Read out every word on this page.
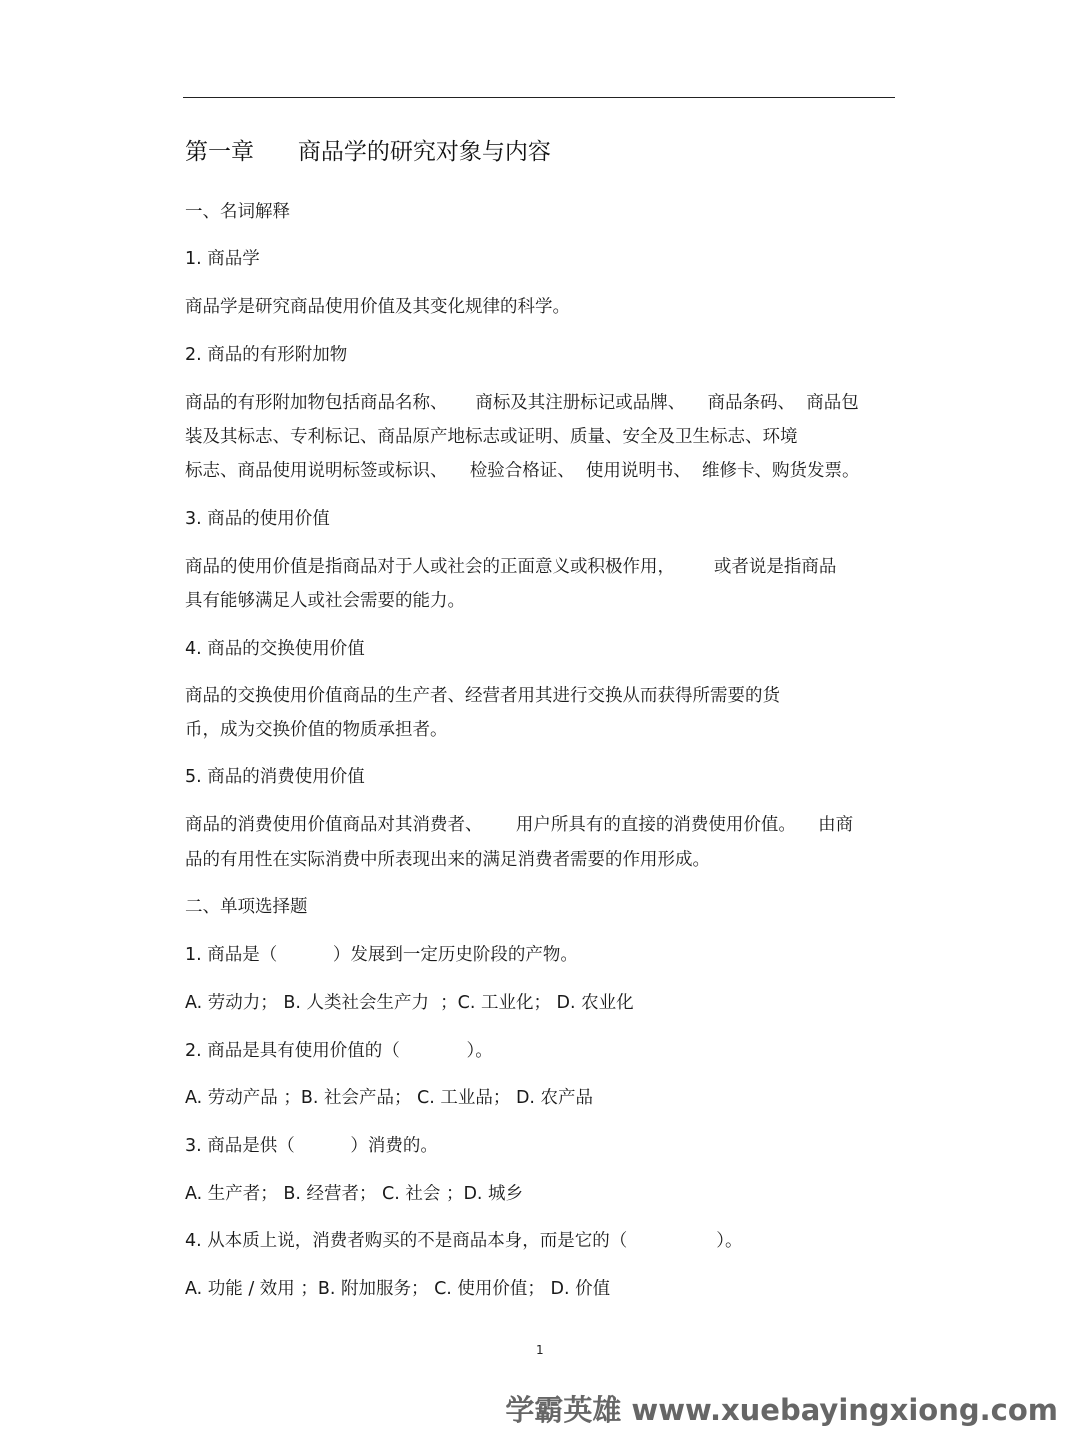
第一章      商品学的研究对象与内容
一、名词解释
1. 商品学
商品学是研究商品使用价值及其变化规律的科学。
2. 商品的有形附加物
商品的有形附加物包括商品名称、     商标及其注册标记或品牌、    商品条码、  商品包
装及其标志、专利标记、商品原产地标志或证明、质量、安全及卫生标志、环境
标志、商品使用说明标签或标识、    检验合格证、  使用说明书、  维修卡、购货发票。
3. 商品的使用价值
商品的使用价值是指商品对于人或社会的正面意义或积极作用，       或者说是指商品
具有能够满足人或社会需要的能力。
4. 商品的交换使用价值
商品的交换使用价值商品的生产者、经营者用其进行交换从而获得所需要的货
币，成为交换价值的物质承担者。
5. 商品的消费使用价值
商品的消费使用价值商品对其消费者、      用户所具有的直接的消费使用价值。    由商
品的有用性在实际消费中所表现出来的满足消费者需要的作用形成。
二、单项选择题
1. 商品是（          ）发展到一定历史阶段的产物。
A. 劳动力； B. 人类社会生产力  ；C. 工业化； D. 农业化
2. 商品是具有使用价值的（            ）。
A. 劳动产品 ；B. 社会产品； C. 工业品； D. 农产品
3. 商品是供（          ）消费的。
A. 生产者； B. 经营者； C. 社会 ；D. 城乡
4. 从本质上说，消费者购买的不是商品本身，而是它的（                ）。
A. 功能 / 效用 ；B. 附加服务； C. 使用价值； D. 价值
1
学霸英雄 www.xuebayingxiong.com
